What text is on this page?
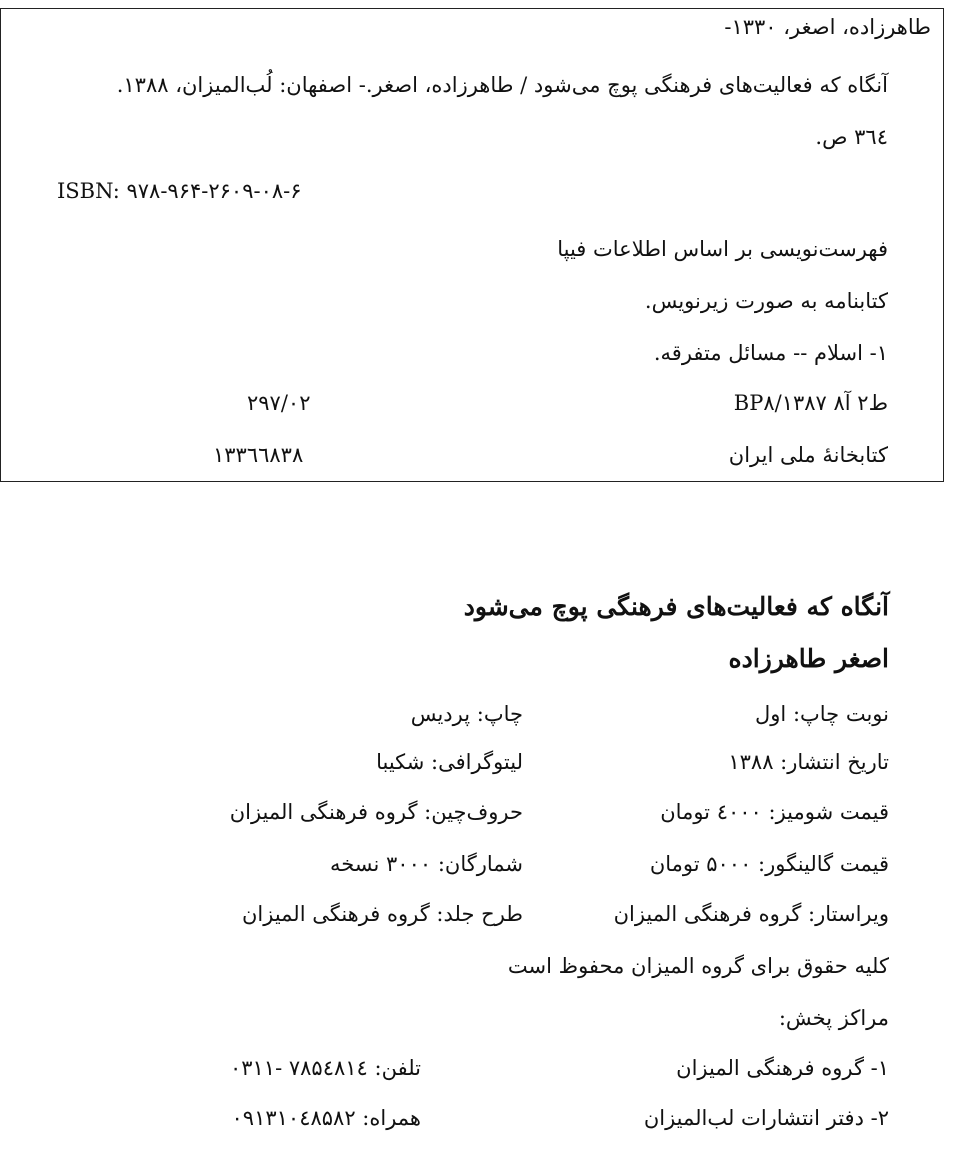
طاهرزاده، اصغر، ۱۳۳۰-
آنگاه که فعالیت‌های فرهنگی پوچ می‌شود / طاهرزاده، اصغر.- اصفهان: لُب‌المیزان، ۱۳۸۸.
۳٦٤ ص.
ISBN: ۹۷۸-۹۶۴-۲۶۰۹-۰۸-۶
فهرست‌نویسی بر اساس اطلاعات فیپا
کتابنامه به صورت زیرنویس.
۱- اسلام -- مسائل متفرقه.
BP۸/ط۲ آ۸ ۱۳۸۷
۲۹۷/۰۲
کتابخانهٔ ملی ایران
۱۳۳٦٦۸۳۸
آنگاه که فعالیت‌های فرهنگی پوچ می‌شود
اصغر طاهرزاده
نوبت چاپ: اول
چاپ: پردیس
تاریخ انتشار: ۱۳۸۸
لیتوگرافی: شکیبا
قیمت شومیز: ٤۰۰۰ تومان
حروف‌چین: گروه فرهنگی المیزان
قیمت گالینگور: ۵۰۰۰ تومان
شمارگان: ۳۰۰۰ نسخه
ویراستار: گروه فرهنگی المیزان
طرح جلد: گروه فرهنگی المیزان
کلیه حقوق برای گروه المیزان محفوظ است
مراکز پخش:
۱- گروه فرهنگی المیزان
تلفن: ۷۸۵٤۸۱٤ -۰۳۱۱
۲- دفتر انتشارات لب‌المیزان
همراه: ۰۹۱۳۱۰٤۸۵۸۲
